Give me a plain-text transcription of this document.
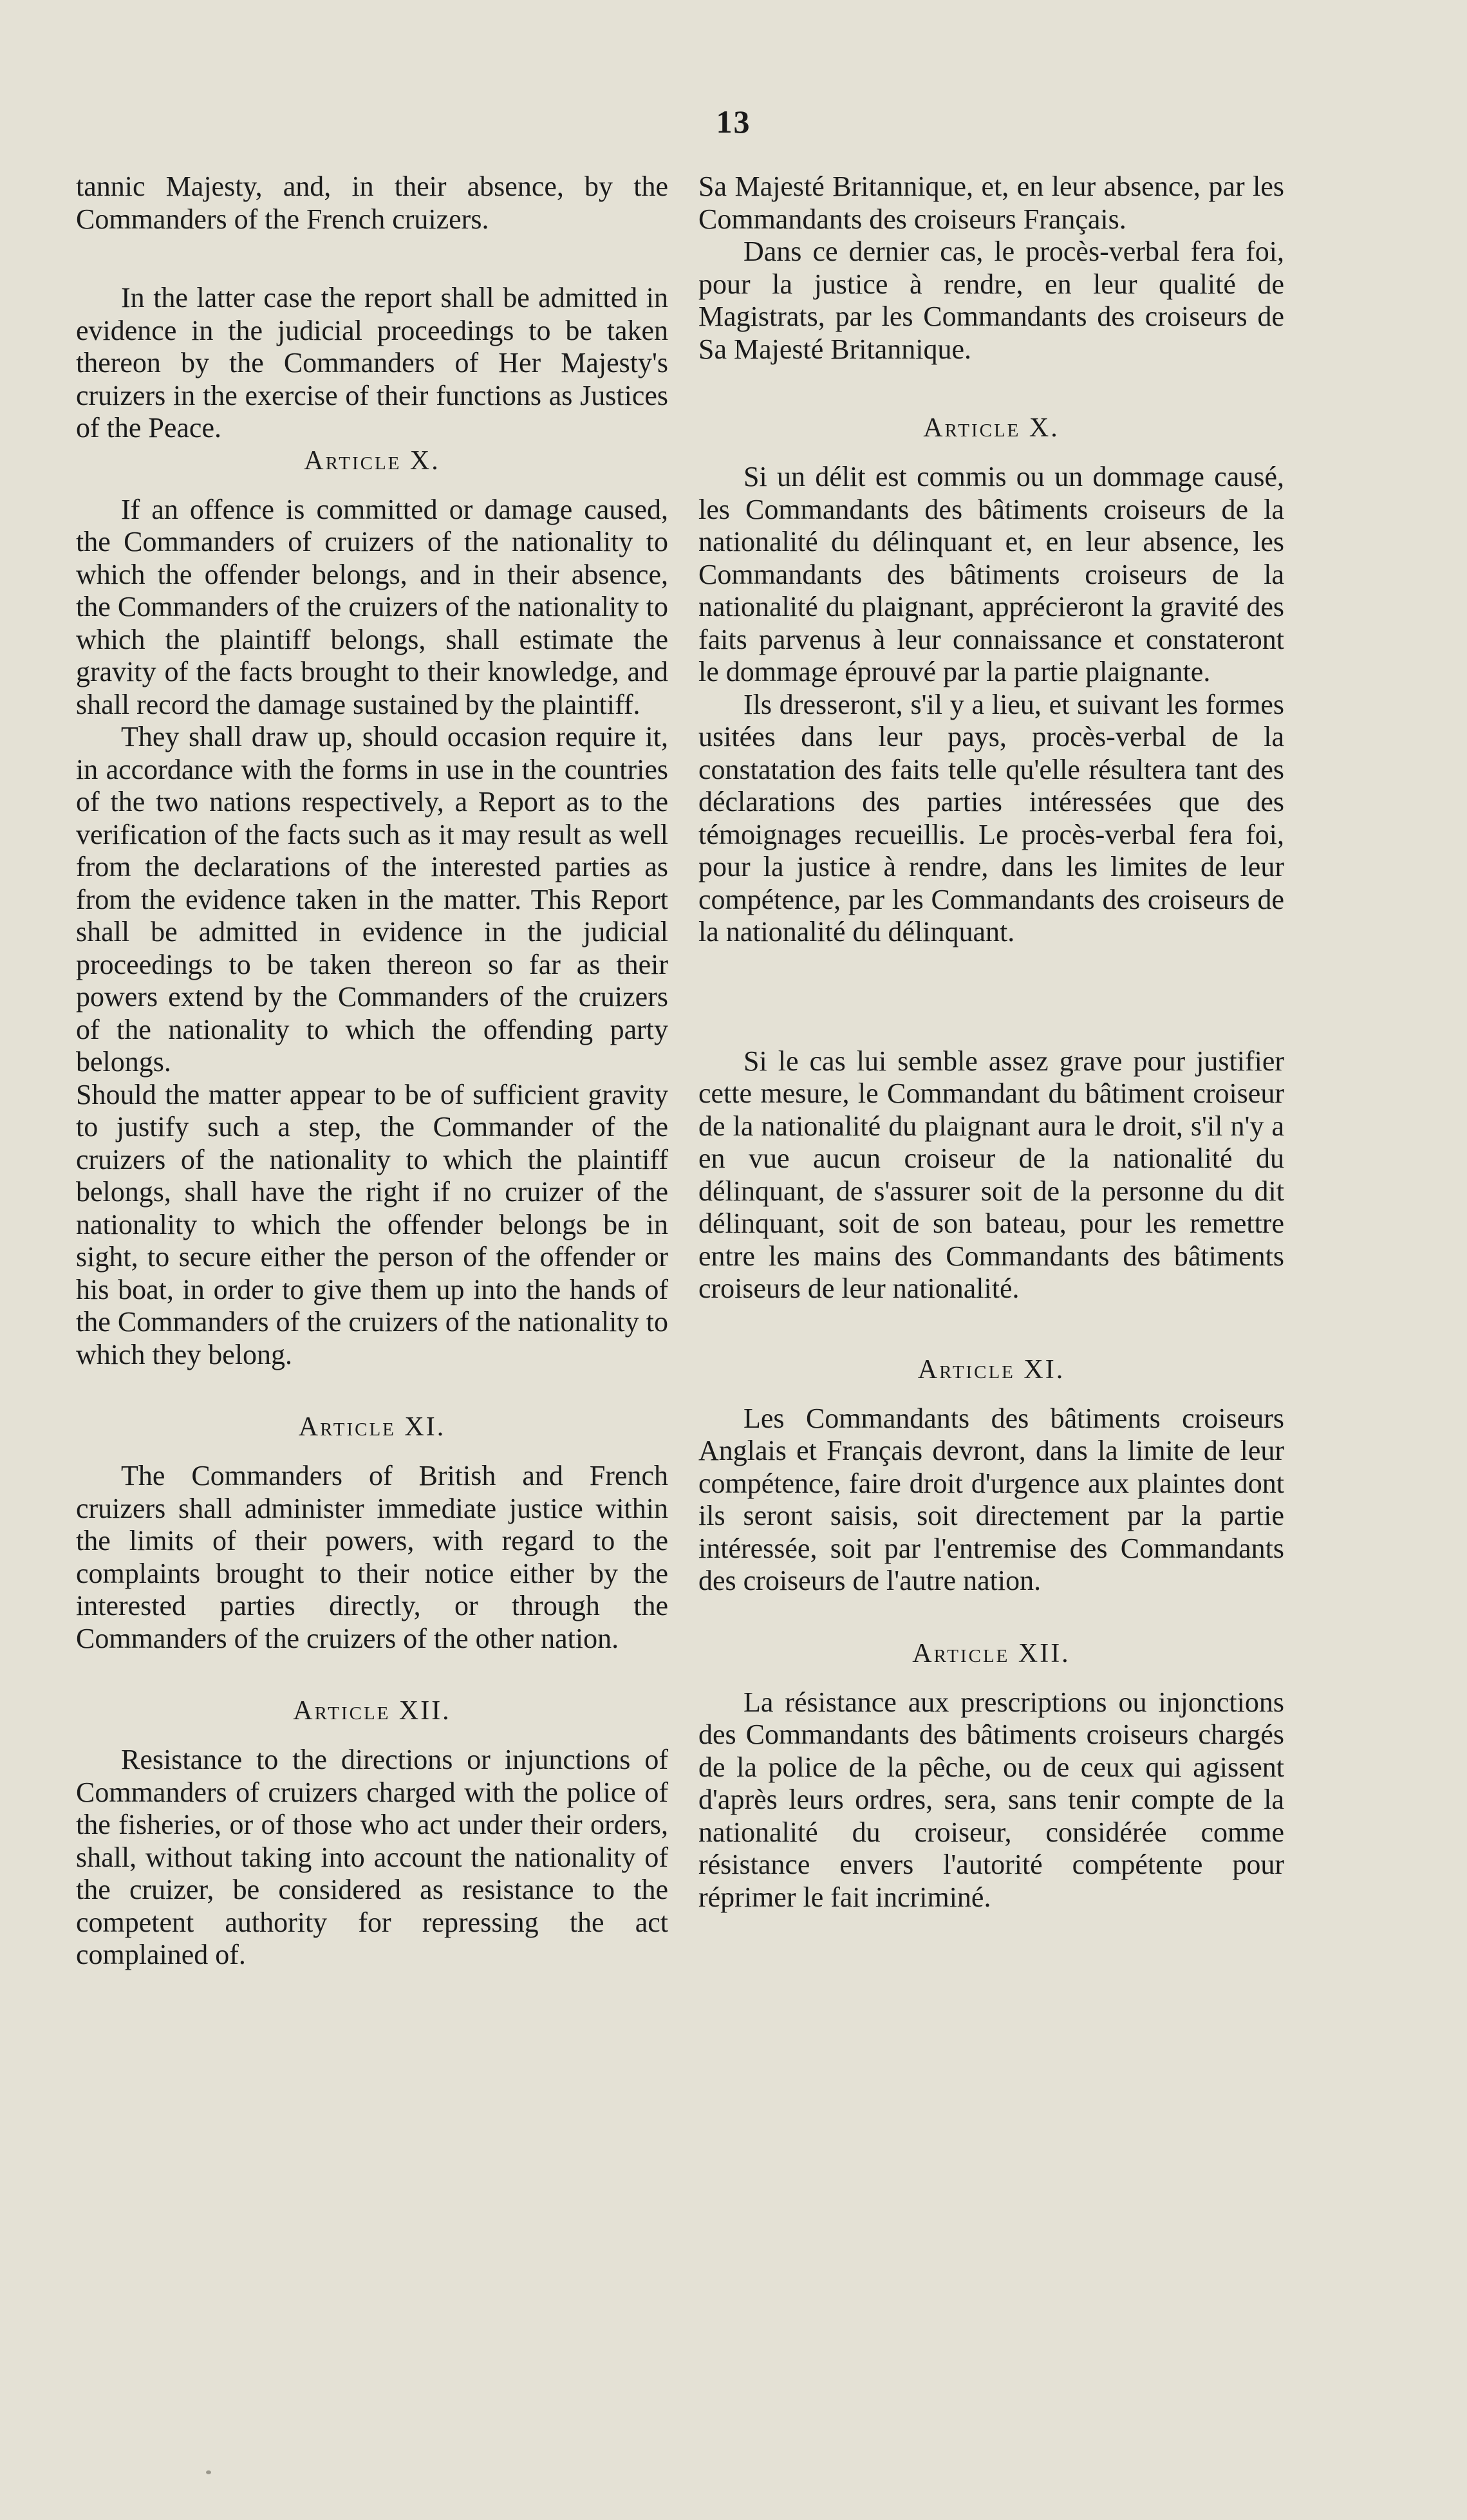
13

tannic Majesty, and, in their absence, by the Commanders of the French cruizers.

In the latter case the report shall be admitted in evidence in the judicial proceedings to be taken thereon by the Commanders of Her Majesty's cruizers in the exercise of their functions as Justices of the Peace.

Article X.

If an offence is committed or damage caused, the Commanders of cruizers of the nationality to which the offender belongs, and in their absence, the Commanders of the cruizers of the nationality to which the plaintiff belongs, shall estimate the gravity of the facts brought to their knowledge, and shall record the damage sustained by the plaintiff.

They shall draw up, should occasion require it, in accordance with the forms in use in the countries of the two nations respectively, a Report as to the verification of the facts such as it may result as well from the declarations of the interested parties as from the evidence taken in the matter. This Report shall be admitted in evidence in the judicial proceedings to be taken thereon so far as their powers extend by the Commanders of the cruizers of the nationality to which the offending party belongs.

Should the matter appear to be of sufficient gravity to justify such a step, the Commander of the cruizers of the nationality to which the plaintiff belongs, shall have the right if no cruizer of the nationality to which the offender belongs be in sight, to secure either the person of the offender or his boat, in order to give them up into the hands of the Commanders of the cruizers of the nationality to which they belong.

Article XI.

The Commanders of British and French cruizers shall administer immediate justice within the limits of their powers, with regard to the complaints brought to their notice either by the interested parties directly, or through the Commanders of the cruizers of the other nation.

Article XII.

Resistance to the directions or injunctions of Commanders of cruizers charged with the police of the fisheries, or of those who act under their orders, shall, without taking into account the nationality of the cruizer, be considered as resistance to the competent authority for repressing the act complained of.

Sa Majesté Britannique, et, en leur absence, par les Commandants des croiseurs Français.

Dans ce dernier cas, le procès-verbal fera foi, pour la justice à rendre, en leur qualité de Magistrats, par les Commandants des croiseurs de Sa Majesté Britannique.

Article X.

Si un délit est commis ou un dommage causé, les Commandants des bâtiments croiseurs de la nationalité du délinquant et, en leur absence, les Commandants des bâtiments croiseurs de la nationalité du plaignant, apprécieront la gravité des faits parvenus à leur connaissance et constateront le dommage éprouvé par la partie plaignante.

Ils dresseront, s'il y a lieu, et suivant les formes usitées dans leur pays, procès-verbal de la constatation des faits telle qu'elle résultera tant des déclarations des parties intéressées que des témoignages recueillis. Le procès-verbal fera foi, pour la justice à rendre, dans les limites de leur compétence, par les Commandants des croiseurs de la nationalité du délinquant.

Si le cas lui semble assez grave pour justifier cette mesure, le Commandant du bâtiment croiseur de la nationalité du plaignant aura le droit, s'il n'y a en vue aucun croiseur de la nationalité du délinquant, de s'assurer soit de la personne du dit délinquant, soit de son bateau, pour les remettre entre les mains des Commandants des bâtiments croiseurs de leur nationalité.

Article XI.

Les Commandants des bâtiments croiseurs Anglais et Français devront, dans la limite de leur compétence, faire droit d'urgence aux plaintes dont ils seront saisis, soit directement par la partie intéressée, soit par l'entremise des Commandants des croiseurs de l'autre nation.

Article XII.

La résistance aux prescriptions ou injonctions des Commandants des bâtiments croiseurs chargés de la police de la pêche, ou de ceux qui agissent d'après leurs ordres, sera, sans tenir compte de la nationalité du croiseur, considérée comme résistance envers l'autorité compétente pour réprimer le fait incriminé.
